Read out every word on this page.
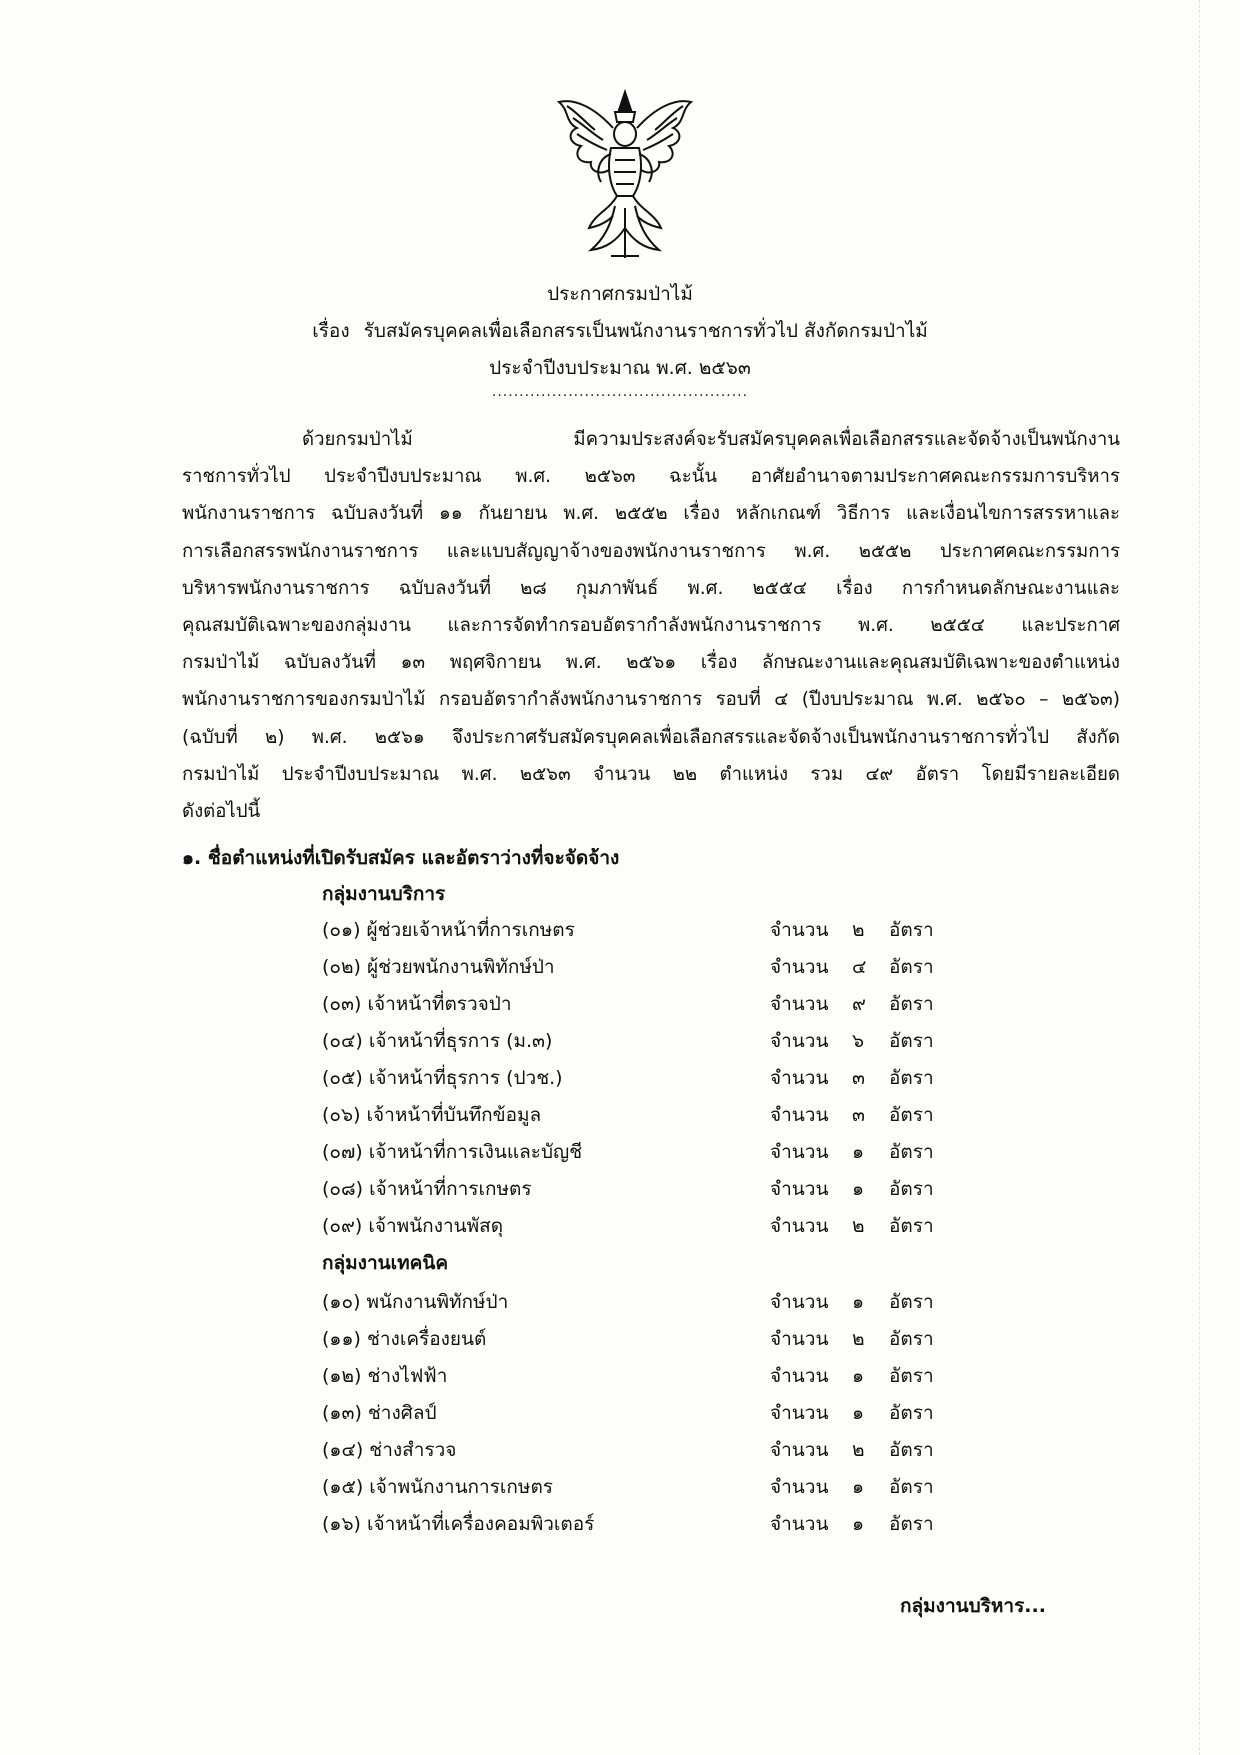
ประกาศกรมป่าไม้
เรื่อง รับสมัครบุคคลเพื่อเลือกสรรเป็นพนักงานราชการทั่วไป สังกัดกรมป่าไม้
ประจำปีงบประมาณ พ.ศ. ๒๕๖๓
...............................................
ด้วยกรมป่าไม้ มีความประสงค์จะรับสมัครบุคคลเพื่อเลือกสรรและจัดจ้างเป็นพนักงาน
ราชการทั่วไป ประจำปีงบประมาณ พ.ศ. ๒๕๖๓ ฉะนั้น อาศัยอำนาจตามประกาศคณะกรรมการบริหาร
พนักงานราชการ ฉบับลงวันที่ ๑๑ กันยายน พ.ศ. ๒๕๕๒ เรื่อง หลักเกณฑ์ วิธีการ และเงื่อนไขการสรรหาและ
การเลือกสรรพนักงานราชการ และแบบสัญญาจ้างของพนักงานราชการ พ.ศ. ๒๕๕๒ ประกาศคณะกรรมการ
บริหารพนักงานราชการ ฉบับลงวันที่ ๒๘ กุมภาพันธ์ พ.ศ. ๒๕๕๔ เรื่อง การกำหนดลักษณะงานและ
คุณสมบัติเฉพาะของกลุ่มงาน และการจัดทำกรอบอัตรากำลังพนักงานราชการ พ.ศ. ๒๕๕๔ และประกาศ
กรมป่าไม้ ฉบับลงวันที่ ๑๓ พฤศจิกายน พ.ศ. ๒๕๖๑ เรื่อง ลักษณะงานและคุณสมบัติเฉพาะของตำแหน่ง
พนักงานราชการของกรมป่าไม้ กรอบอัตรากำลังพนักงานราชการ รอบที่ ๔ (ปีงบประมาณ พ.ศ. ๒๕๖๐ – ๒๕๖๓)
(ฉบับที่ ๒) พ.ศ. ๒๕๖๑ จึงประกาศรับสมัครบุคคลเพื่อเลือกสรรและจัดจ้างเป็นพนักงานราชการทั่วไป สังกัด
กรมป่าไม้ ประจำปีงบประมาณ พ.ศ. ๒๕๖๓ จำนวน ๒๒ ตำแหน่ง รวม ๔๙ อัตรา โดยมีรายละเอียด
ดังต่อไปนี้
๑. ชื่อตำแหน่งที่เปิดรับสมัคร และอัตราว่างที่จะจัดจ้าง
กลุ่มงานบริการ
(๐๑) ผู้ช่วยเจ้าหน้าที่การเกษตร	จำนวน ๒ อัตรา
(๐๒) ผู้ช่วยพนักงานพิทักษ์ป่า	จำนวน ๔ อัตรา
(๐๓) เจ้าหน้าที่ตรวจป่า	จำนวน ๙ อัตรา
(๐๔) เจ้าหน้าที่ธุรการ (ม.๓)	จำนวน ๖ อัตรา
(๐๕) เจ้าหน้าที่ธุรการ (ปวช.)	จำนวน ๓ อัตรา
(๐๖) เจ้าหน้าที่บันทึกข้อมูล	จำนวน ๓ อัตรา
(๐๗) เจ้าหน้าที่การเงินและบัญชี	จำนวน ๑ อัตรา
(๐๘) เจ้าหน้าที่การเกษตร	จำนวน ๑ อัตรา
(๐๙) เจ้าพนักงานพัสดุ	จำนวน ๒ อัตรา
กลุ่มงานเทคนิค
(๑๐) พนักงานพิทักษ์ป่า	จำนวน ๑ อัตรา
(๑๑) ช่างเครื่องยนต์	จำนวน ๒ อัตรา
(๑๒) ช่างไฟฟ้า	จำนวน ๑ อัตรา
(๑๓) ช่างศิลป์	จำนวน ๑ อัตรา
(๑๔) ช่างสำรวจ	จำนวน ๒ อัตรา
(๑๕) เจ้าพนักงานการเกษตร	จำนวน ๑ อัตรา
(๑๖) เจ้าหน้าที่เครื่องคอมพิวเตอร์	จำนวน ๑ อัตรา
กลุ่มงานบริหาร...
